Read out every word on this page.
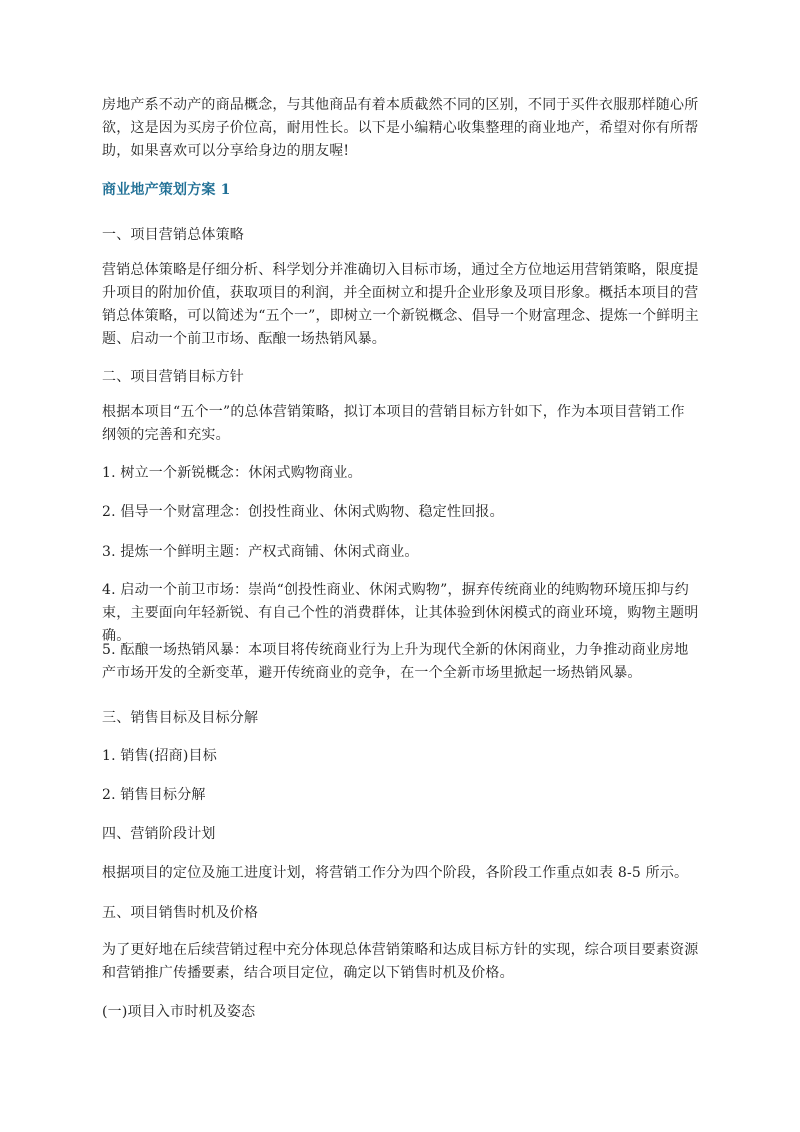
房地产系不动产的商品概念，与其他商品有着本质截然不同的区别，不同于买件衣服那样随心所欲，这是因为买房子价位高，耐用性长。以下是小编精心收集整理的商业地产，希望对你有所帮助，如果喜欢可以分享给身边的朋友喔!

商业地产策划方案 1

一、项目营销总体策略

营销总体策略是仔细分析、科学划分并准确切入目标市场，通过全方位地运用营销策略，限度提升项目的附加价值，获取项目的利润，并全面树立和提升企业形象及项目形象。概括本项目的营销总体策略，可以简述为“五个一”，即树立一个新锐概念、倡导一个财富理念、提炼一个鲜明主题、启动一个前卫市场、酝酿一场热销风暴。

二、项目营销目标方针

根据本项目“五个一”的总体营销策略，拟订本项目的营销目标方针如下，作为本项目营销工作 纲领的完善和充实。

1. 树立一个新锐概念：休闲式购物商业。

2. 倡导一个财富理念：创投性商业、休闲式购物、稳定性回报。

3. 提炼一个鲜明主题：产权式商铺、休闲式商业。

4. 启动一个前卫市场：崇尚“创投性商业、休闲式购物”，摒弃传统商业的纯购物环境压抑与约束，主要面向年轻新锐、有自己个性的消费群体，让其体验到休闲模式的商业环境，购物主题明确。

5. 酝酿一场热销风暴：本项目将传统商业行为上升为现代全新的休闲商业，力争推动商业房地产市场开发的全新变革，避开传统商业的竞争，在一个全新市场里掀起一场热销风暴。

三、销售目标及目标分解

1. 销售(招商)目标

2. 销售目标分解

四、营销阶段计划

根据项目的定位及施工进度计划，将营销工作分为四个阶段，各阶段工作重点如表 8-5 所示。

五、项目销售时机及价格

为了更好地在后续营销过程中充分体现总体营销策略和达成目标方针的实现，综合项目要素资源和营销推广传播要素，结合项目定位，确定以下销售时机及价格。

(一)项目入市时机及姿态
